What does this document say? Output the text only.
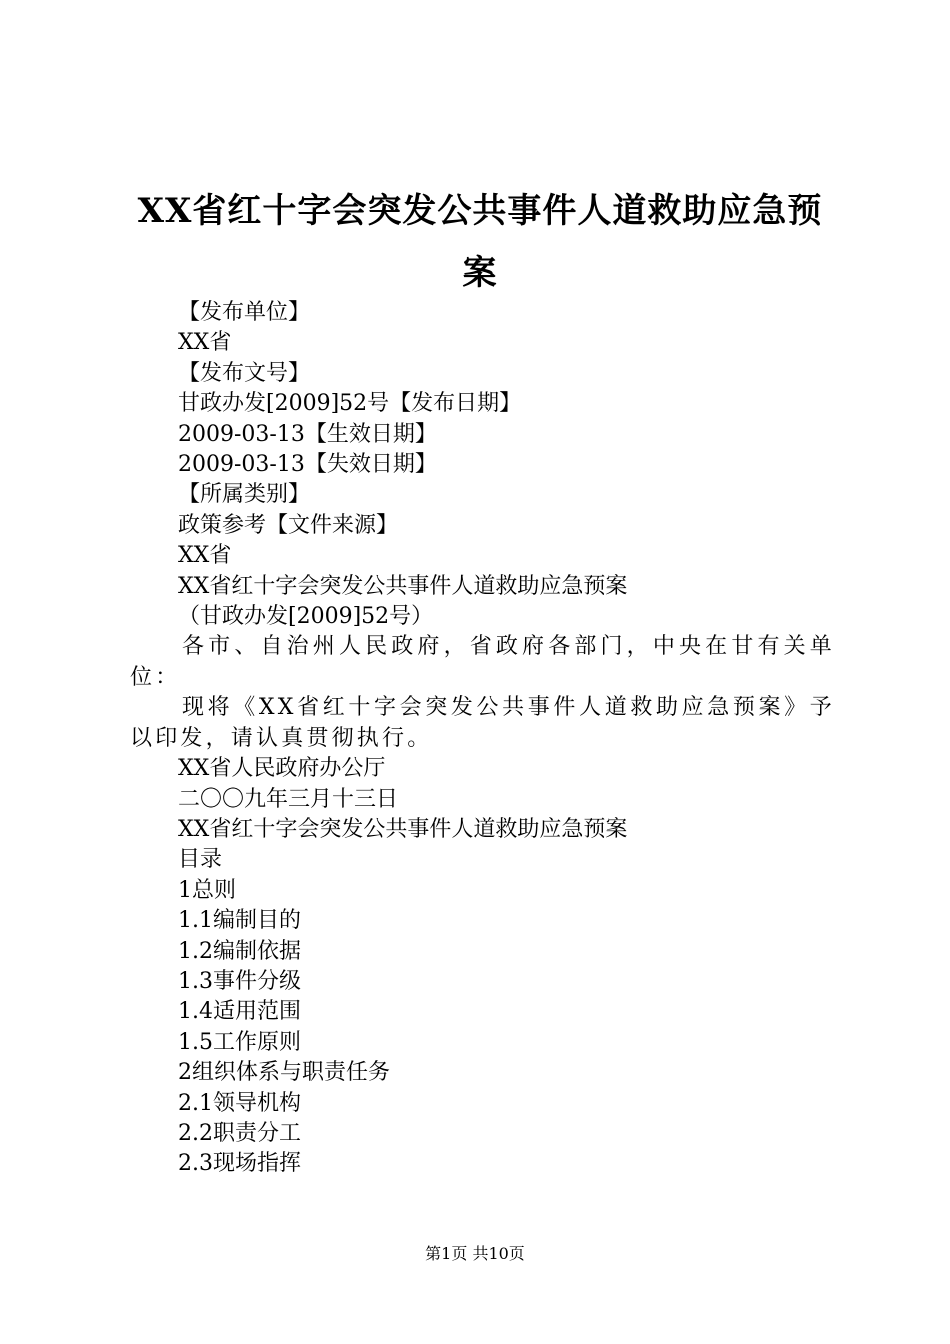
XX省红十字会突发公共事件人道救助应急预
案
【发布单位】
XX省
【发布文号】
甘政办发[2009]52号【发布日期】
2009-03-13【生效日期】
2009-03-13【失效日期】
【所属类别】
政策参考【文件来源】
XX省
XX省红十字会突发公共事件人道救助应急预案
（甘政办发[2009]52号）
各市、自治州人民政府，省政府各部门，中央在甘有关单位：
现将《XX省红十字会突发公共事件人道救助应急预案》予以印发，请认真贯彻执行。
XX省人民政府办公厅
二〇〇九年三月十三日
XX省红十字会突发公共事件人道救助应急预案
目录
1总则
1.1编制目的
1.2编制依据
1.3事件分级
1.4适用范围
1.5工作原则
2组织体系与职责任务
2.1领导机构
2.2职责分工
2.3现场指挥
第1页 共10页
